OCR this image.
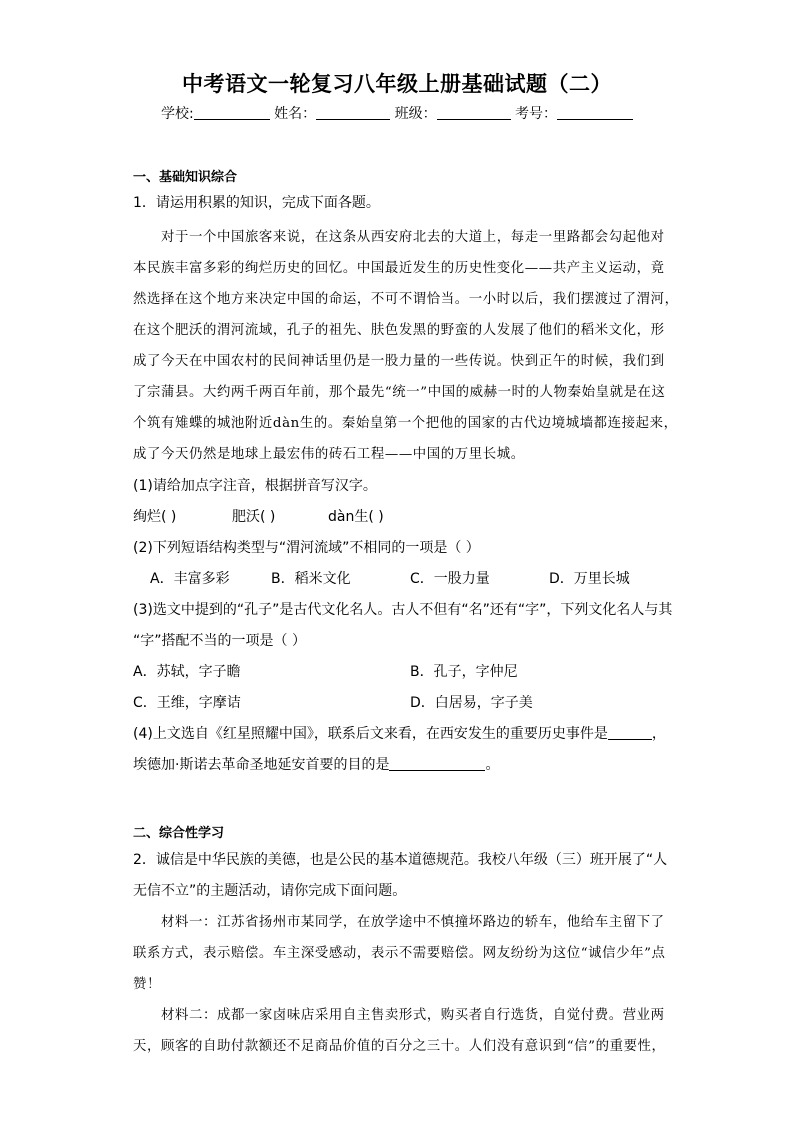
中考语文一轮复习八年级上册基础试题（二）
学校:	姓名：	班级：	考号：
一、基础知识综合
1．请运用积累的知识，完成下面各题。
对于一个中国旅客来说，在这条从西安府北去的大道上，每走一里路都会勾起他对
本民族丰富多彩的绚烂历史的回忆。中国最近发生的历史性变化——共产主义运动，竟
然选择在这个地方来决定中国的命运，不可不谓恰当。一小时以后，我们摆渡过了渭河，
在这个肥沃的渭河流域，孔子的祖先、肤色发黑的野蛮的人发展了他们的稻米文化，形
成了今天在中国农村的民间神话里仍是一股力量的一些传说。快到正午的时候，我们到
了宗蒲县。大约两千两百年前，那个最先“统一”中国的威赫一时的人物秦始皇就是在这
个筑有雉蝶的城池附近dàn生的。秦始皇第一个把他的国家的古代边境城墙都连接起来，
成了今天仍然是地球上最宏伟的砖石工程——中国的万里长城。
(1)请给加点字注音，根据拼音写汉字。
绚烂( )	肥沃( )	dàn生( )
(2)下列短语结构类型与“渭河流域”不相同的一项是（ ）
A．丰富多彩	B．稻米文化	C．一股力量	D．万里长城
(3)选文中提到的“孔子”是古代文化名人。古人不但有“名”还有“字”，下列文化名人与其
“字”搭配不当的一项是（ ）
A．苏轼，字子瞻	B．孔子，字仲尼
C．王维，字摩诘	D．白居易，字子美
(4)上文选自《红星照耀中国》，联系后文来看，在西安发生的重要历史事件是	，
埃德加·斯诺去革命圣地延安首要的目的是	。
二、综合性学习
2．诚信是中华民族的美德，也是公民的基本道德规范。我校八年级（三）班开展了“人
无信不立”的主题活动，请你完成下面问题。
材料一：江苏省扬州市某同学，在放学途中不慎撞坏路边的轿车，他给车主留下了
联系方式，表示赔偿。车主深受感动，表示不需要赔偿。网友纷纷为这位“诚信少年”点
赞！
材料二：成都一家卤味店采用自主售卖形式，购买者自行选货，自觉付费。营业两
天，顾客的自助付款额还不足商品价值的百分之三十。人们没有意识到“信”的重要性，
